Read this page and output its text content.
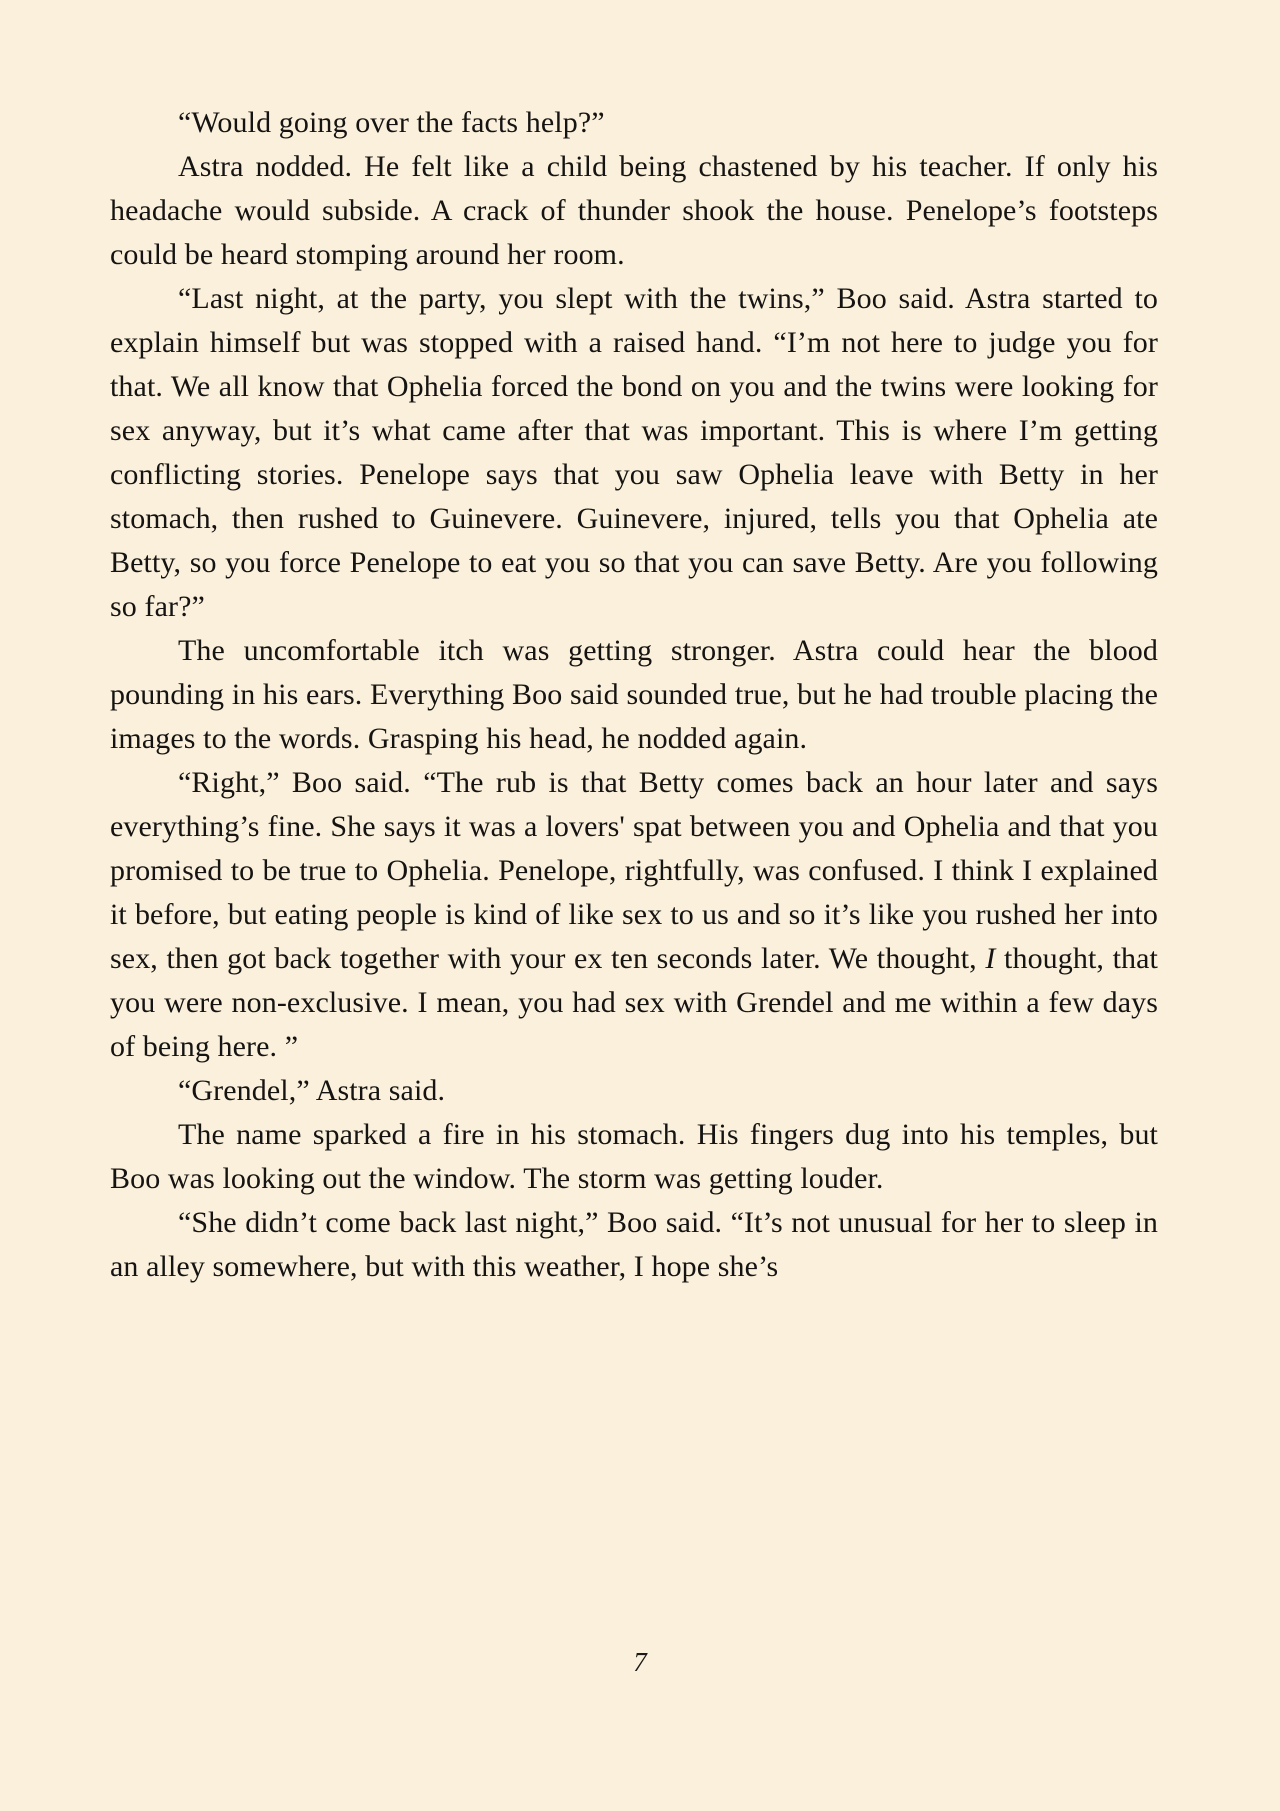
“Would going over the facts help?”

Astra nodded. He felt like a child being chastened by his teacher. If only his headache would subside. A crack of thunder shook the house. Penelope’s footsteps could be heard stomping around her room.

“Last night, at the party, you slept with the twins,” Boo said. Astra started to explain himself but was stopped with a raised hand. “I’m not here to judge you for that. We all know that Ophelia forced the bond on you and the twins were looking for sex anyway, but it’s what came after that was important. This is where I’m getting conflicting stories. Penelope says that you saw Ophelia leave with Betty in her stomach, then rushed to Guinevere. Guinevere, injured, tells you that Ophelia ate Betty, so you force Penelope to eat you so that you can save Betty. Are you following so far?”

The uncomfortable itch was getting stronger. Astra could hear the blood pounding in his ears. Everything Boo said sounded true, but he had trouble placing the images to the words. Grasping his head, he nodded again.

“Right,” Boo said. “The rub is that Betty comes back an hour later and says everything’s fine. She says it was a lovers' spat between you and Ophelia and that you promised to be true to Ophelia. Penelope, rightfully, was confused. I think I explained it before, but eating people is kind of like sex to us and so it’s like you rushed her into sex, then got back together with your ex ten seconds later. We thought, I thought, that you were non-exclusive. I mean, you had sex with Grendel and me within a few days of being here. ”

“Grendel,” Astra said.

The name sparked a fire in his stomach. His fingers dug into his temples, but Boo was looking out the window. The storm was getting louder.

“She didn’t come back last night,” Boo said. “It’s not unusual for her to sleep in an alley somewhere, but with this weather, I hope she’s

7
